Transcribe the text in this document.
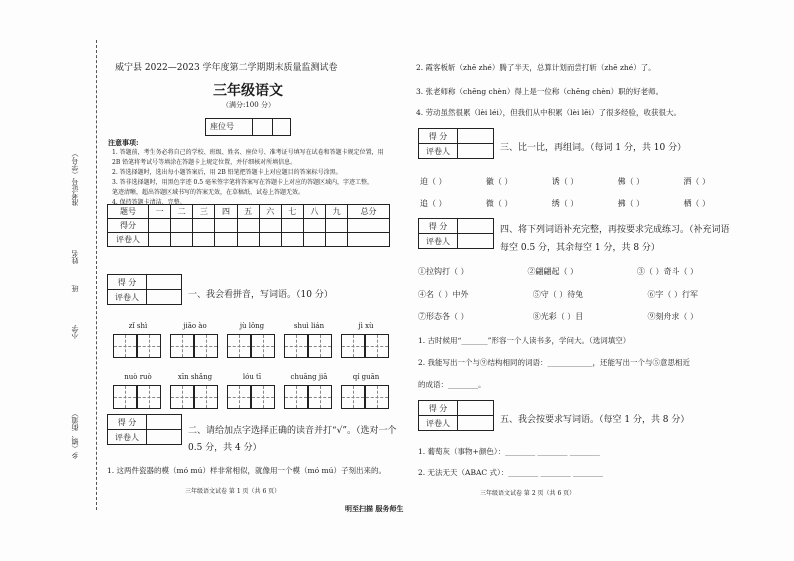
准考证号（学号）
姓名
班
小学
乡（镇、街道）
威宁县 2022—2023 学年度第二学期期末质量监测试卷
三年级语文
（满分:100 分）
座位号
注意事项:
1. 答题前，考生务必将自己的学校、班级、姓名、座位号、准考证号填写在试卷和答题卡规定位置，用
2B 铅笔将考试号等填涂在答题卡上规定位置，并仔细核对所填信息。
2. 答选择题时，选出每小题答案后，用 2B 铅笔把答题卡上对应题目的答案标号涂黑。
3. 答非选择题时，用黑色字迹 0.5 毫米签字笔将答案写在答题卡上对应的答题区域内，字迹工整，
笔迹清晰，超出答题区域书写的答案无效，在草稿纸、试卷上答题无效。
4. 保持答题卡清洁、完整。
题号	一	二	三	四	五	六	七	八	九	总分
得分										
评卷人										
得 分	
评卷人		一、我会看拼音，写词语。（10 分）
zǐ shì	jiāo ào	jù lǒng	shuì lián	jì xù
nuò ruò	xīn shǎng	lóu tī	chuāng jiā	qí guān
得 分	
评卷人	
二、请给加点字选择正确的读音并打“√”。（选对一个
0.5 分，共 4 分）
1. 这两件瓷器的模（mó mú）样非常相似，就像用一个模（mó mú）子刻出来的。
三年级语文试卷 第 1 页（共 6 页）
2. 霞客板斩（zhē zhé）腾了半天，总算计划而尝打斩（zhē zhé）了。
3. 张老师称（chēng chèn）得上是一位称（chēng chèn）职的好老师。
4. 劳动虽然很累（lèi léi），但我们从中积累（lèi lěi）了很多经验，收获很大。
得 分	
评卷人		三、比一比，再组词。（每词 1 分，共 10 分）
迫（ ）	徽（ ）	诱（ ）	佛（ ）	洒（ ）
追（ ）	微（ ）	绣（ ）	拂（ ）	栖（ ）
得 分	
评卷人	
四、将下列词语补充完整，再按要求完成练习。（补充词语
每空 0.5 分，其余每空 1 分，共 8 分）
①拉钩打（ ）	②翩翩起（ ）	③（ ）奇斗（ ）
④名（ ）中外	⑤守（ ）待兔	⑥字（ ）行军
⑦形态各（ ）	⑧光彩（ ）目	⑨刻舟求（ ）
1. 古时候用“_______”形容一个人读书多，学问大。（选词填空）
2. 我能写出一个与⑨结构相同的词语：____________，还能写出一个与⑤意思相近
的成语：________。
得 分	
评卷人		五、我会按要求写词语。（每空 1 分，共 8 分）
1. 葡萄灰（事物+颜色）：________ ________ ________
2. 无法无天（ABAC 式）：________ ________ ________
三年级语文试卷 第 2 页（共 6 页）
明至扫描 服务师生
